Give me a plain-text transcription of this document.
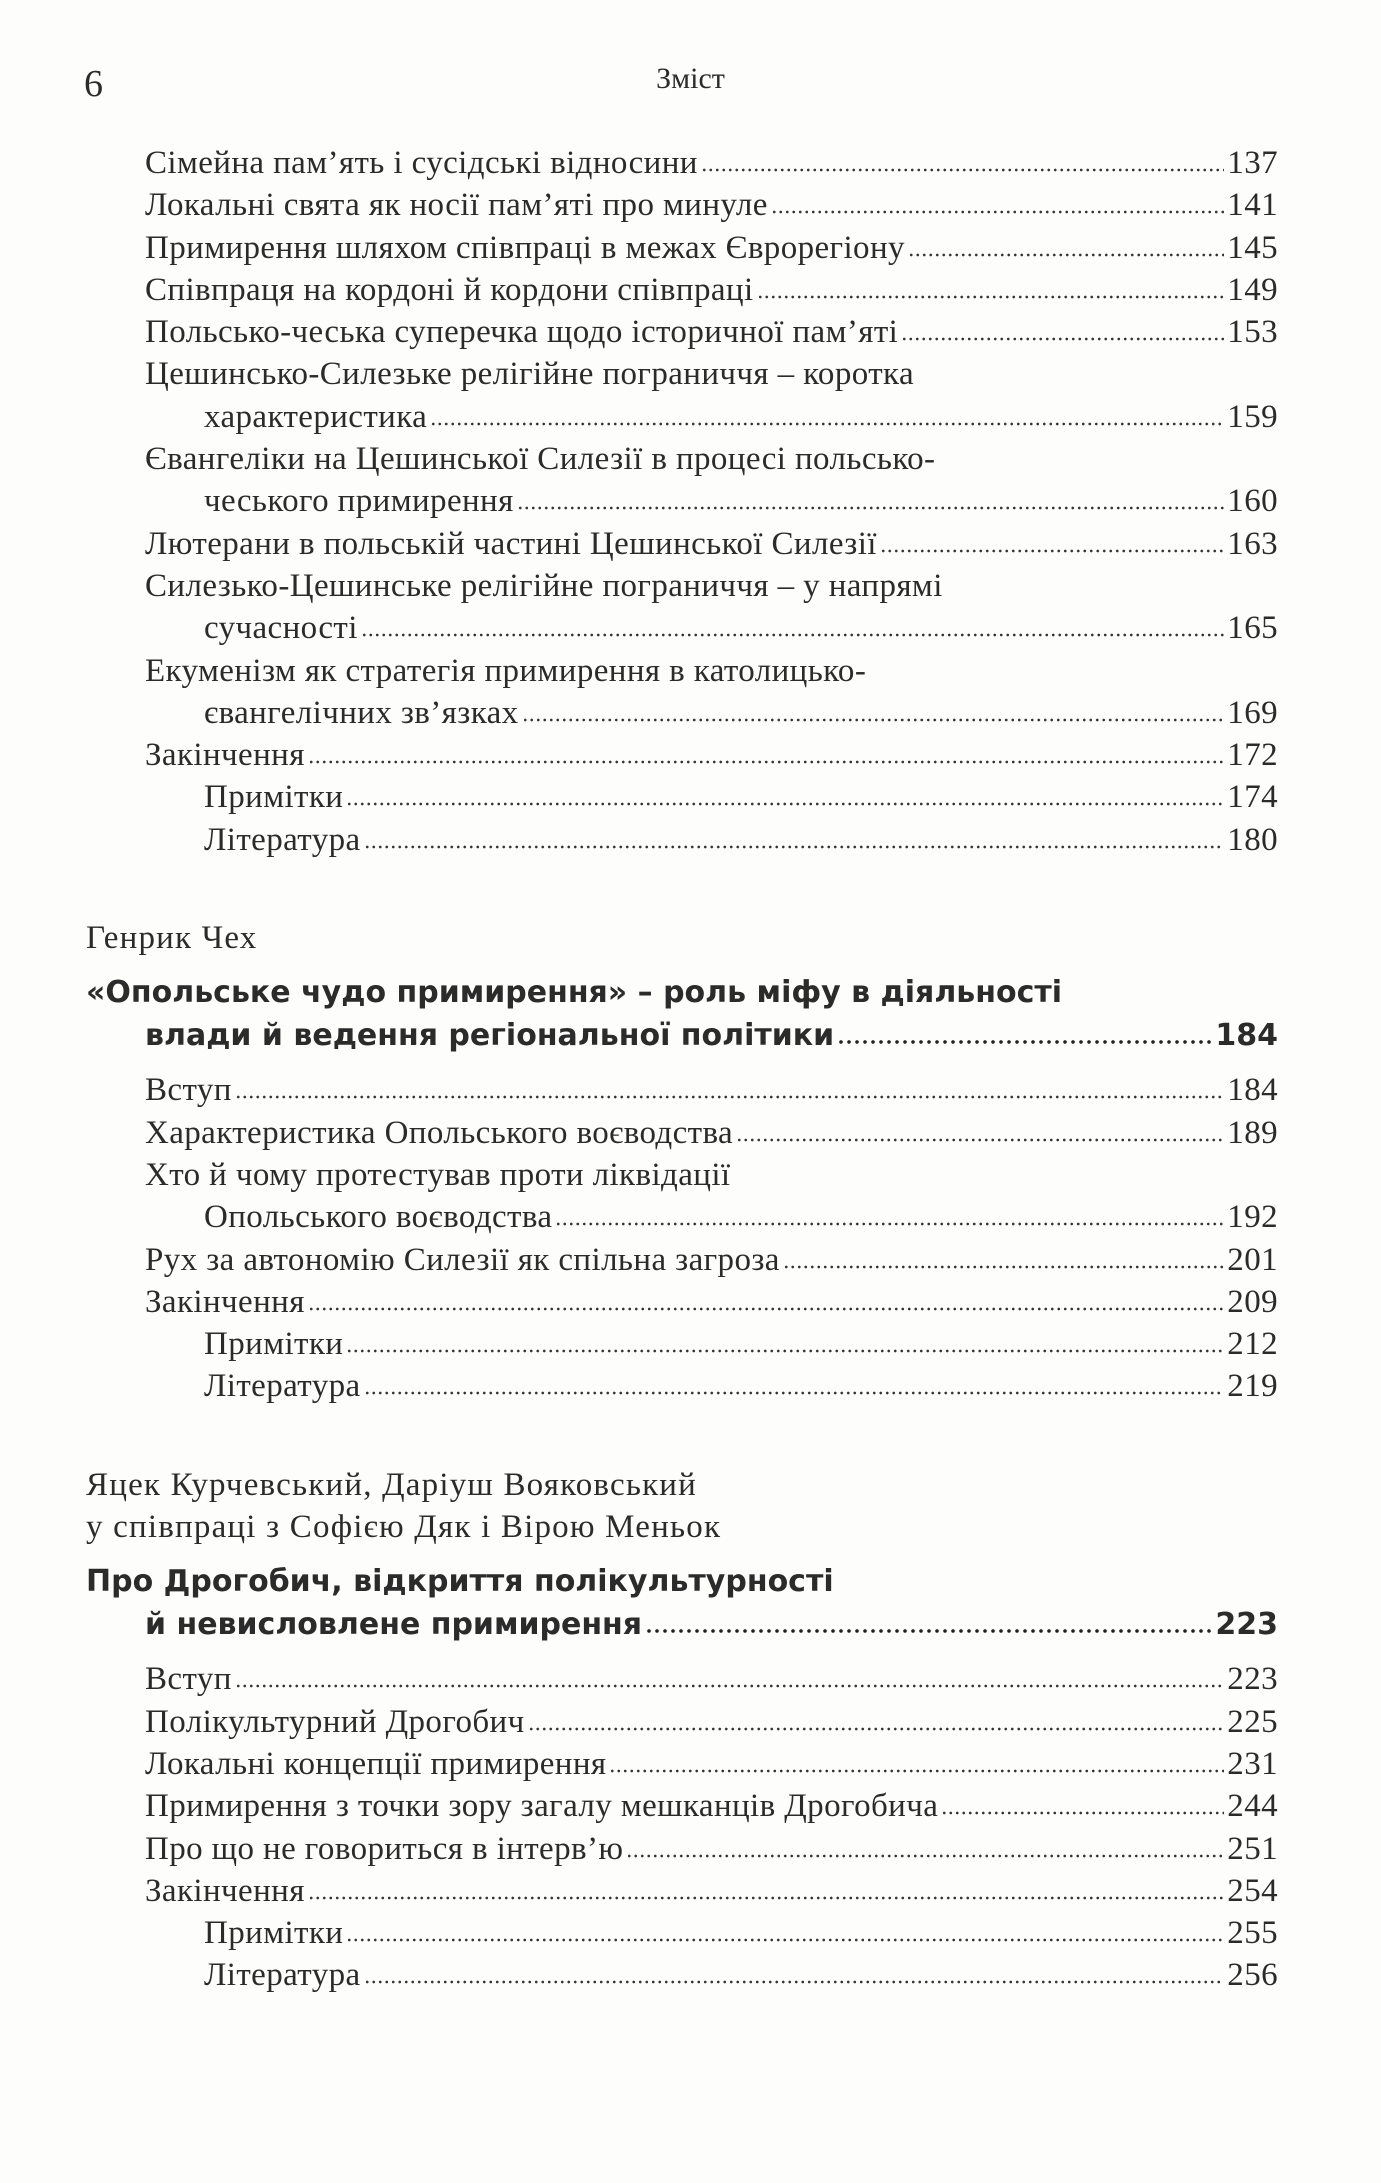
6	Зміст
Сімейна пам’ять і сусідські відносини	137
Локальні свята як носії пам’яті про минуле	141
Примирення шляхом співпраці в межах Єврорегіону	145
Співпраця на кордоні й кордони співпраці	149
Польсько-чеська суперечка щодо історичної пам’яті	153
Цешинсько-Силезьке релігійне пограниччя – коротка
характеристика	159
Євангеліки на Цешинської Силезії в процесі польсько-
чеського примирення	160
Лютерани в польській частині Цешинської Силезії	163
Силезько-Цешинське релігійне пограниччя – у напрямі
сучасності	165
Екуменізм як стратегія примирення в католицько-
євангелічних зв’язках	169
Закінчення	172
Примітки	174
Література	180
Генрик Чех
«Опольське чудо примирення» – роль міфу в діяльності
влади й ведення регіональної політики	184
Вступ	184
Характеристика Опольського воєводства	189
Хто й чому протестував проти ліквідації
Опольського воєводства	192
Рух за автономію Силезії як спільна загроза	201
Закінчення	209
Примітки	212
Література	219
Яцек Курчевський, Даріуш Вояковський
у співпраці з Софією Дяк і Вірою Меньок
Про Дрогобич, відкриття полікультурності
й невисловлене примирення	223
Вступ	223
Полікультурний Дрогобич	225
Локальні концепції примирення	231
Примирення з точки зору загалу мешканців Дрогобича	244
Про що не говориться в інтерв’ю	251
Закінчення	254
Примітки	255
Література	256
